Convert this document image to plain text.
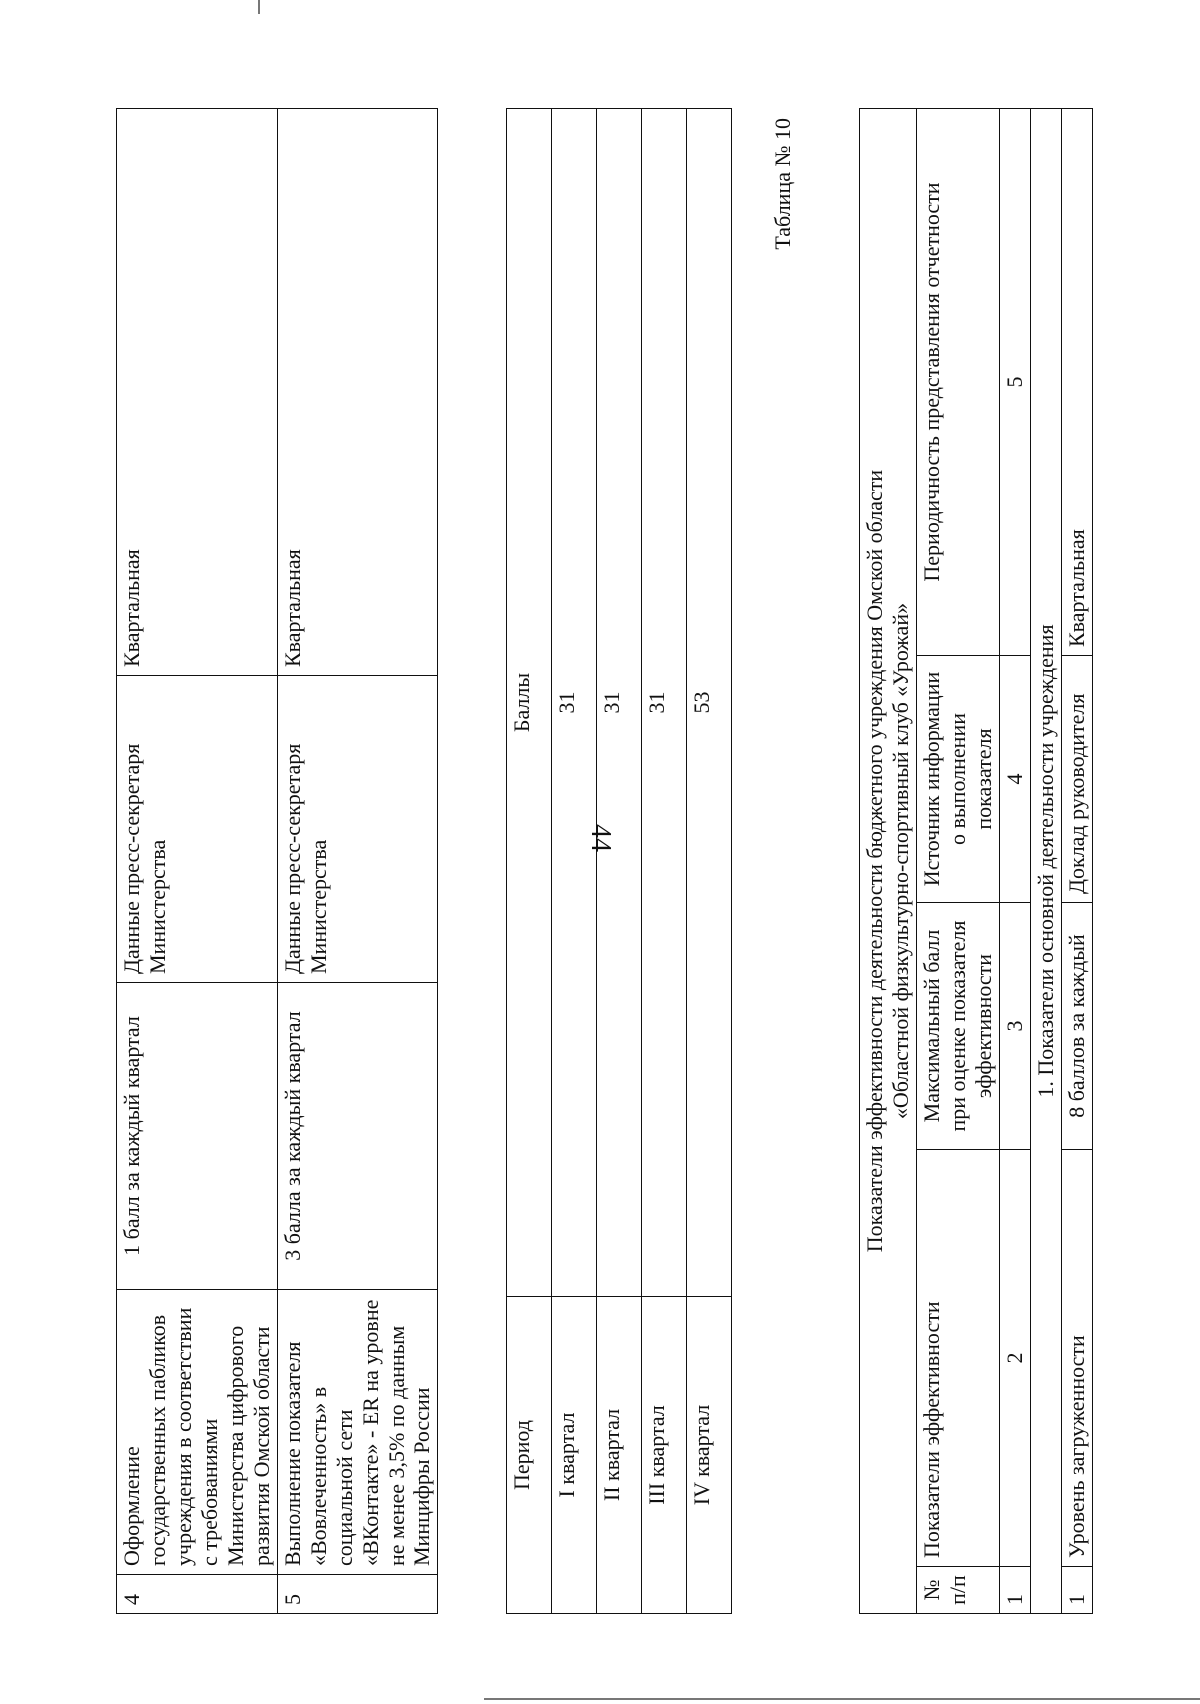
44
4	Оформление государственных пабликов учреждения в соответствии с требованиями Министерства цифрового развития Омской области	1 балл за каждый квартал	Данные пресс-секретаря Министерства	Квартальная
5	Выполнение показателя «Вовлеченность» в социальной сети «ВКонтакте» - ER на уровне не менее 3,5% по данным Минцифры России	3 балла за каждый квартал	Данные пресс-секретаря Министерства	Квартальная
Период	Баллы
I квартал	31
II квартал	31
III квартал	31
IV квартал	53
Таблица № 10
Показатели эффективности деятельности бюджетного учреждения Омской области «Областной физкультурно-спортивный клуб «Урожай»				

№ п/п	Показатели эффективности	Максимальный балл при оценке показателя эффективности	Источник информации о выполнении показателя	Периодичность представления отчетности
1	2	3	4	5
1. Показатели основной деятельности учреждения				
1	Уровень загруженности	8 баллов за каждый	Доклад руководителя	Квартальная
